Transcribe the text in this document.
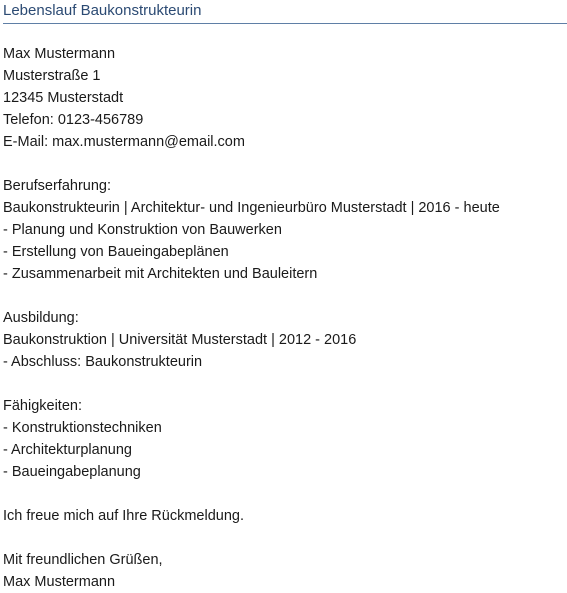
Lebenslauf Baukonstrukteurin
Max Mustermann
Musterstraße 1
12345 Musterstadt
Telefon: 0123-456789
E-Mail: max.mustermann@email.com
Berufserfahrung:
Baukonstrukteurin | Architektur- und Ingenieurbüro Musterstadt | 2016 - heute
- Planung und Konstruktion von Bauwerken
- Erstellung von Baueingabeplänen
- Zusammenarbeit mit Architekten und Bauleitern
Ausbildung:
Baukonstruktion | Universität Musterstadt | 2012 - 2016
- Abschluss: Baukonstrukteurin
Fähigkeiten:
- Konstruktionstechniken
- Architekturplanung
- Baueingabeplanung
Ich freue mich auf Ihre Rückmeldung.
Mit freundlichen Grüßen,
Max Mustermann
